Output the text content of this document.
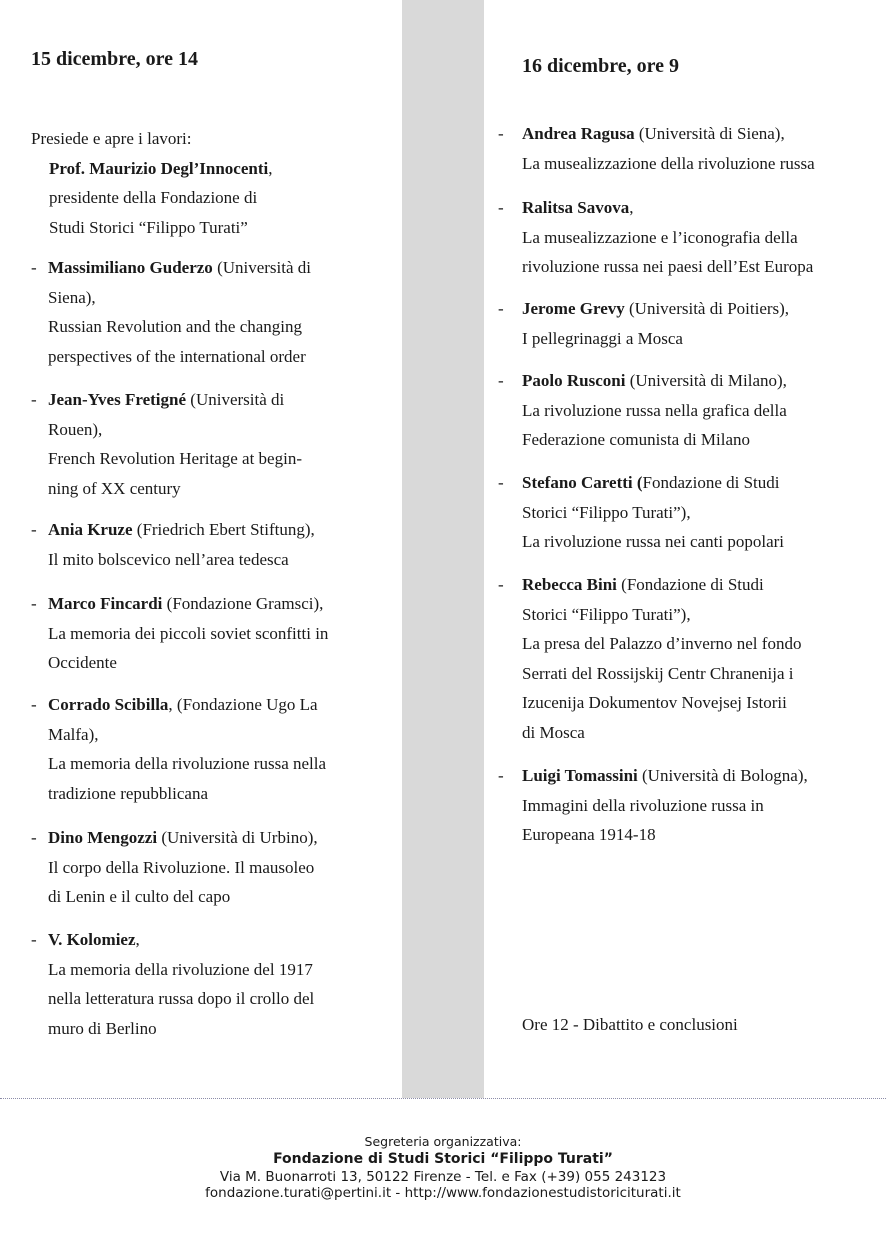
15 dicembre, ore 14
Presiede e apre i lavori:
Prof. Maurizio Degl’Innocenti,
presidente della Fondazione di
Studi Storici “Filippo Turati”
- Massimiliano Guderzo (Università di
Siena),
Russian Revolution and the changing
perspectives of the international order
- Jean-Yves Fretigné (Università di
Rouen),
French Revolution Heritage at begin-
ning of XX century
- Ania Kruze (Friedrich Ebert Stiftung),
Il mito bolscevico nell’area tedesca
- Marco Fincardi (Fondazione Gramsci),
La memoria dei piccoli soviet sconfitti in
Occidente
- Corrado Scibilla, (Fondazione Ugo La
Malfa),
La memoria della rivoluzione russa nella
tradizione repubblicana
- Dino Mengozzi (Università di Urbino),
Il corpo della Rivoluzione. Il mausoleo
di Lenin e il culto del capo
- V. Kolomiez,
La memoria della rivoluzione del 1917
nella letteratura russa dopo il crollo del
muro di Berlino
16 dicembre, ore 9
- Andrea Ragusa (Università di Siena),
La musealizzazione della rivoluzione russa
- Ralitsa Savova,
La musealizzazione e l’iconografia della
rivoluzione russa nei paesi dell’Est Europa
- Jerome Grevy (Università di Poitiers),
I pellegrinaggi a Mosca
- Paolo Rusconi (Università di Milano),
La rivoluzione russa nella grafica della
Federazione comunista di Milano
- Stefano Caretti (Fondazione di Studi
Storici “Filippo Turati”),
La rivoluzione russa nei canti popolari
- Rebecca Bini (Fondazione di Studi
Storici “Filippo Turati”),
La presa del Palazzo d’inverno nel fondo
Serrati del Rossijskij Centr Chranenija i
Izucenija Dokumentov Novejsej Istorii
di Mosca
- Luigi Tomassini (Università di Bologna),
Immagini della rivoluzione russa in
Europeana 1914-18
Ore 12 - Dibattito e conclusioni
Segreteria organizzativa:
Fondazione di Studi Storici “Filippo Turati”
Via M. Buonarroti 13, 50122 Firenze - Tel. e Fax (+39) 055 243123
fondazione.turati@pertini.it - http://www.fondazionestudistoriciturati.it
